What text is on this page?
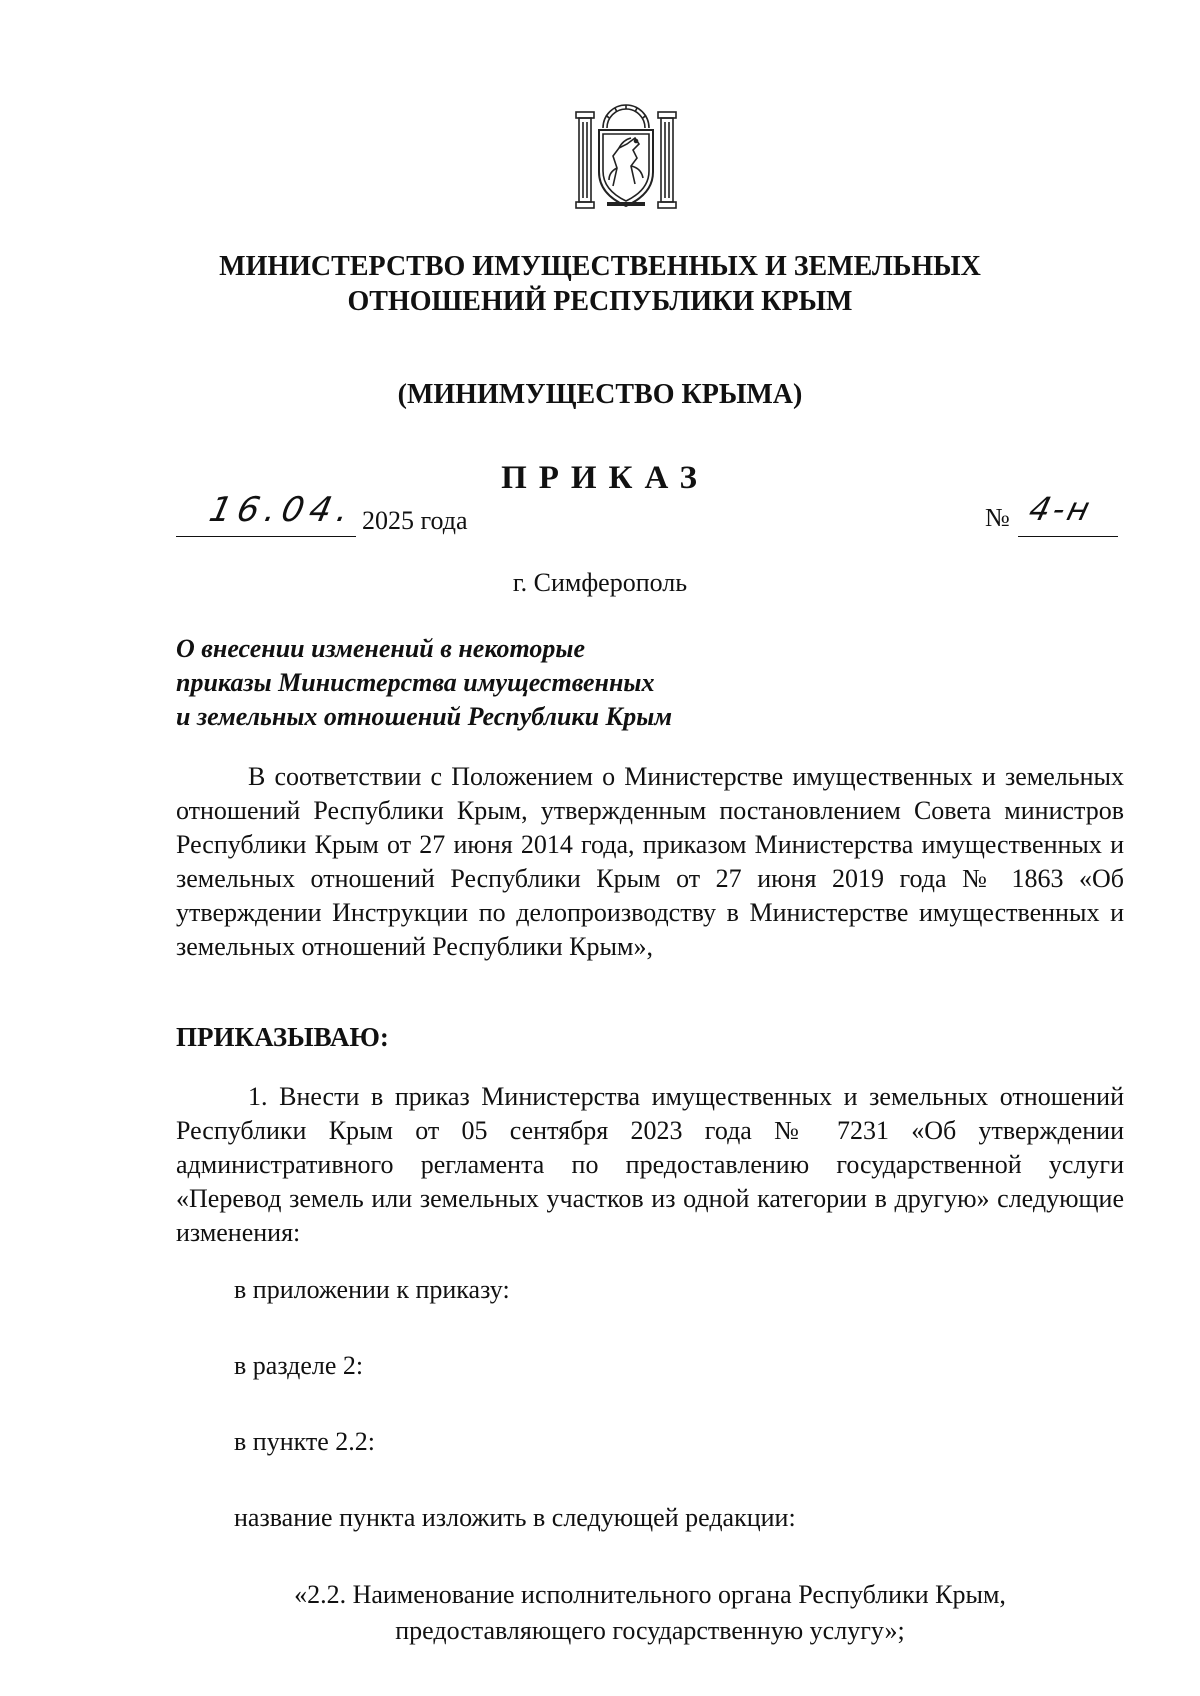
МИНИСТЕРСТВО ИМУЩЕСТВЕННЫХ И ЗЕМЕЛЬНЫХ
ОТНОШЕНИЙ РЕСПУБЛИКИ КРЫМ
(МИНИМУЩЕСТВО КРЫМА)
ПРИКАЗ
16.04. 2025 года	№ 4-н
г. Симферополь
О внесении изменений в некоторые
приказы Министерства имущественных
и земельных отношений Республики Крым

В соответствии с Положением о Министерстве имущественных и земельных отношений Республики Крым, утвержденным постановлением Совета министров Республики Крым от 27 июня 2014 года, приказом Министерства имущественных и земельных отношений Республики Крым от 27 июня 2019 года № 1863 «Об утверждении Инструкции по делопроизводству в Министерстве имущественных и земельных отношений Республики Крым»,

ПРИКАЗЫВАЮ:

1. Внести в приказ Министерства имущественных и земельных отношений Республики Крым от 05 сентября 2023 года № 7231 «Об утверждении административного регламента по предоставлению государственной услуги «Перевод земель или земельных участков из одной категории в другую» следующие изменения:

в приложении к приказу:
в разделе 2:
в пункте 2.2:
название пункта изложить в следующей редакции:
«2.2. Наименование исполнительного органа Республики Крым,
предоставляющего государственную услугу»;
